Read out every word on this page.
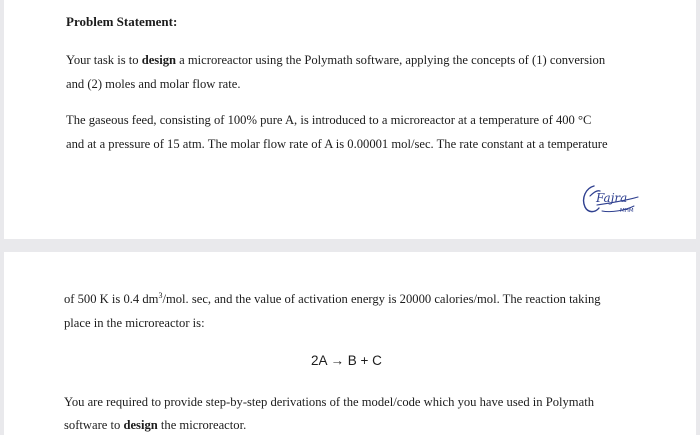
Problem Statement:

Your task is to design a microreactor using the Polymath software, applying the concepts of (1) conversion

and (2) moles and molar flow rate.

The gaseous feed, consisting of 100% pure A, is introduced to a microreactor at a temperature of 400 °C

and at a pressure of 15 atm. The molar flow rate of A is 0.00001 mol/sec. The rate constant at a temperature

Fajra
MHM

of 500 K is 0.4 $dm^3$/mol. sec, and the value of activation energy is 20000 calories/mol. The reaction taking

place in the microreactor is:

2A → B + C

You are required to provide step-by-step derivations of the model/code which you have used in Polymath

software to design the microreactor.
